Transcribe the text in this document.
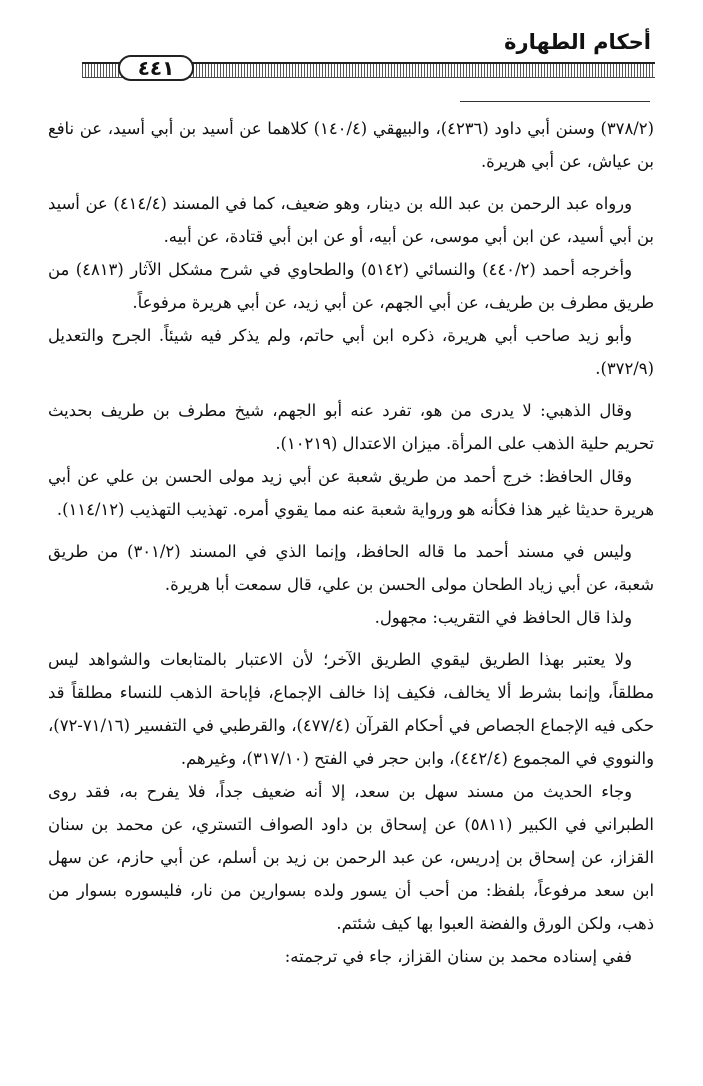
أحكام الطهارة
٤٤١

(٣٧٨/٢) وسنن أبي داود (٤٢٣٦)، والبيهقي (١٤٠/٤) كلاهما عن أسيد بن أبي أسيد، عن نافع بن عياش، عن أبي هريرة.

ورواه عبد الرحمن بن عبد الله بن دينار، وهو ضعيف، كما في المسند (٤١٤/٤) عن أسيد بن أبي أسيد، عن ابن أبي موسى، عن أبيه، أو عن ابن أبي قتادة، عن أبيه.

وأخرجه أحمد (٤٤٠/٢) والنسائي (٥١٤٢) والطحاوي في شرح مشكل الآثار (٤٨١٣) من طريق مطرف بن طريف، عن أبي الجهم، عن أبي زيد، عن أبي هريرة مرفوعاً.

وأبو زيد صاحب أبي هريرة، ذكره ابن أبي حاتم، ولم يذكر فيه شيئاً. الجرح والتعديل (٣٧٢/٩).

وقال الذهبي: لا يدرى من هو، تفرد عنه أبو الجهم، شيخ مطرف بن طريف بحديث تحريم حلية الذهب على المرأة. ميزان الاعتدال (١٠٢١٩).

وقال الحافظ: خرج أحمد من طريق شعبة عن أبي زيد مولى الحسن بن علي عن أبي هريرة حديثا غير هذا فكأنه هو ورواية شعبة عنه مما يقوي أمره. تهذيب التهذيب (١١٤/١٢).

وليس في مسند أحمد ما قاله الحافظ، وإنما الذي في المسند (٣٠١/٢) من طريق شعبة، عن أبي زياد الطحان مولى الحسن بن علي، قال سمعت أبا هريرة.

ولذا قال الحافظ في التقريب: مجهول.

ولا يعتبر بهذا الطريق ليقوي الطريق الآخر؛ لأن الاعتبار بالمتابعات والشواهد ليس مطلقاً، وإنما بشرط ألا يخالف، فكيف إذا خالف الإجماع، فإباحة الذهب للنساء مطلقاً قد حكى فيه الإجماع الجصاص في أحكام القرآن (٤٧٧/٤)، والقرطبي في التفسير (٧١/١٦-٧٢)، والنووي في المجموع (٤٤٢/٤)، وابن حجر في الفتح (٣١٧/١٠)، وغيرهم.

وجاء الحديث من مسند سهل بن سعد، إلا أنه ضعيف جداً، فلا يفرح به، فقد روى الطبراني في الكبير (٥٨١١) عن إسحاق بن داود الصواف التستري، عن محمد بن سنان القزاز، عن إسحاق بن إدريس، عن عبد الرحمن بن زيد بن أسلم، عن أبي حازم، عن سهل ابن سعد مرفوعاً، بلفظ: من أحب أن يسور ولده بسوارين من نار، فليسوره بسوار من ذهب، ولكن الورق والفضة العبوا بها كيف شئتم.

ففي إسناده محمد بن سنان القزاز، جاء في ترجمته:
